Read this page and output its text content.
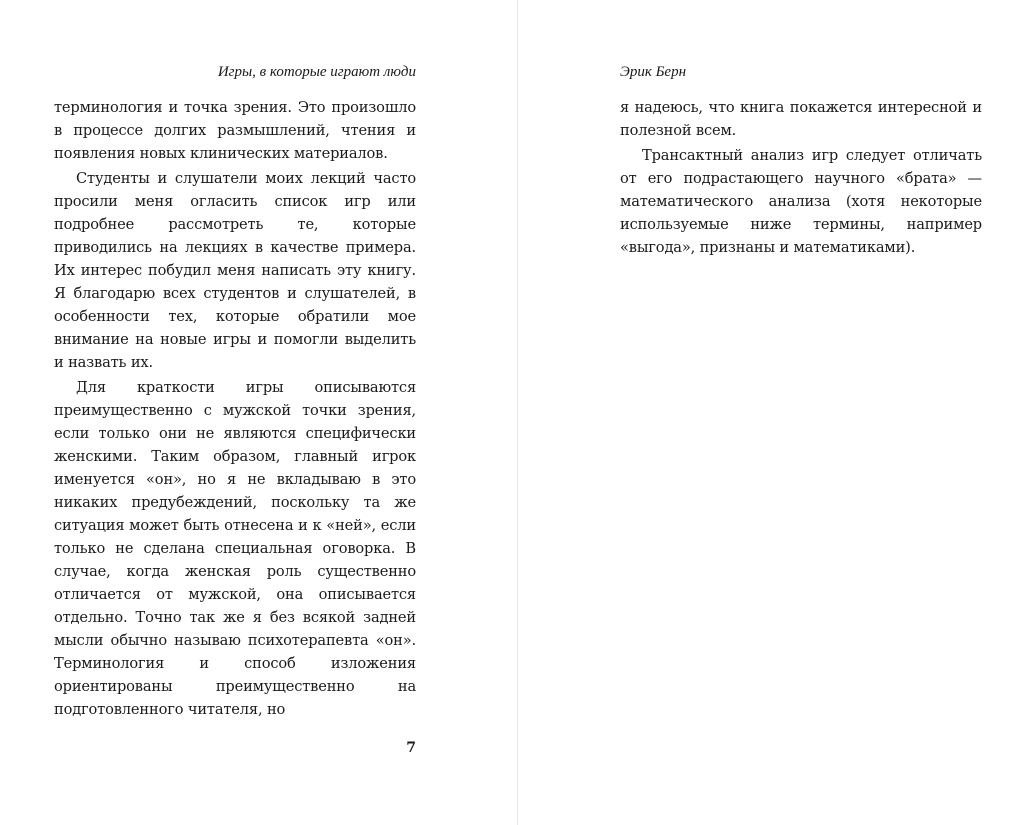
Игры, в которые играют люди

терминология и точка зрения. Это произошло в процессе долгих размышлений, чтения и появления новых клинических материалов.

Студенты и слушатели моих лекций часто просили меня огласить список игр или подробнее рассмотреть те, которые приводились на лекциях в качестве примера. Их интерес побудил меня написать эту книгу. Я благодарю всех студентов и слушателей, в особенности тех, которые обратили мое внимание на новые игры и помогли выделить и назвать их.

Для краткости игры описываются преимущественно с мужской точки зрения, если только они не являются специфически женскими. Таким образом, главный игрок именуется «он», но я не вкладываю в это никаких предубеждений, поскольку та же ситуация может быть отнесена и к «ней», если только не сделана специальная оговорка. В случае, когда женская роль существенно отличается от мужской, она описывается отдельно. Точно так же я без всякой задней мысли обычно называю психотерапевта «он». Терминология и способ изложения ориентированы преимущественно на подготовленного читателя, но

7
Эрик Берн

я надеюсь, что книга покажется интересной и полезной всем.

Трансактный анализ игр следует отличать от его подрастающего научного «брата» — математического анализа (хотя некоторые используемые ниже термины, например «выгода», признаны и математиками).
